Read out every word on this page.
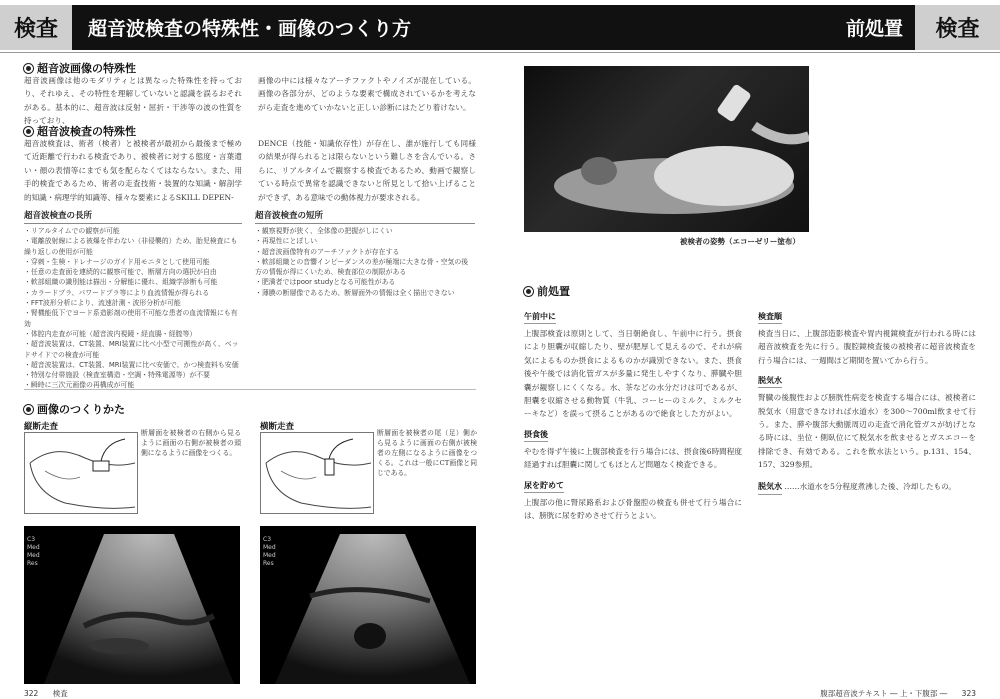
検査 超音波検査の特殊性・画像のつくり方	前処置 検査
超音波画像の特殊性

超音波画像は他のモダリティとは異なった特殊性を持っており、それゆえ、その特性を理解していないと認識を誤るおそれがある。基本的に、超音波は反射・屈折・干渉等の波の性質を持っており、

画像の中には様々なアーチファクトやノイズが混在している。画像の各部分が、どのような要素で構成されているかを考えながら走査を進めていかないと正しい診断にはたどり着けない。

超音波検査の特殊性

超音波検査は、術者（検者）と被検者が最初から最後まで極めて近距離で行われる検査であり、被検者に対する態度・言葉遣い・顔の表情等にまでも気を配らなくてはならない。また、用手的検査であるため、術者の走査技術・装置的な知識・解剖学的知識・病理学的知識等、様々な要素によるSKILL DEPEN-

DENCE（技能・知識依存性）が存在し、誰が施行しても同様の結果が得られるとは限らないという難しさを含んでいる。さらに、リアルタイムで観察する検査であるため、動画で観察している時点で異常を認識できないと所見として拾い上げることができず、ある意味での動体視力が要求される。

超音波検査の長所
・ リアルタイムでの観察が可能
・ 電離放射線による被爆を伴わない（非侵襲的）ため、胎児検査にも繰り返しの使用が可能
・ 穿刺・生検・ドレナージのガイド用モニタとして使用可能
・ 任意の走査面を連続的に観察可能で、断層方向の選択が自由
・ 軟部組織の識別能は描出・分解能に優れ、組織学診断も可能
・ カラードプラ、パワードプラ等により血流情報が得られる
・ FFT波形分析により、流速計測・波形分析が可能
・ 腎機能低下でヨード系造影剤の使用不可能な患者の血流情報にも有効
・ 体腔内走査が可能（超音波内視鏡・経直腸・経膣等）
・ 超音波装置は、CT装置、MRI装置に比べ小型で可搬性が高く、ベッドサイドでの検査が可能
・ 超音波装置は、CT装置、MRI装置に比べ安価で、かつ検査料も安価
・ 特別な付帯施設（検査室構造・空調・特殊電源等）が不要
・ 瞬時に三次元画像の再構成が可能
超音波検査の短所
・ 観察視野が狭く、全体像の把握がしにくい
・ 再現性にとぼしい
・ 超音波画像特有のアーチファクトが存在する
・ 軟部組織との音響インピーダンスの差が極端に大きな骨・空気の後方の情報が得にくいため、検査部位の制限がある
・ 肥満者ではpoor studyとなる可能性がある
・ 薄膜の断層像であるため、断層面外の情報は全く描出できない
画像のつくりかた
縦断走査

断層面を被検者の右側から見るように画面の右側が被検者の頭側になるように画像をつくる。

横断走査

断層面を被検者の尾（足）側から見るように画面の右側が被検者の左側になるように画像をつくる。これは一般にCT画像と同じである。

C3
Med
Med
Res
C3
Med
Med
Res
322 検査
被検者の姿勢（エコーゼリー塗布）
前処置
午前中に

上腹部検査は原則として、当日朝絶食し、午前中に行う。摂食により胆囊が収縮したり、壁が肥厚して見えるので、それが病気によるものか摂食によるものかが識別できない。また、摂食後や午後では消化管ガスが多量に発生しやすくなり、膵臓や胆囊が観察しにくくなる。水、茶などの水分だけは可であるが、胆囊を収縮させる動物質（牛乳、コーヒーのミルク、ミルクセーキなど）を誤って摂ることがあるので絶食とした方がよい。

摂食後

やむを得ず午後に上腹部検査を行う場合には、摂食後6時間程度経過すれば胆囊に関してもほとんど問題なく検査できる。

尿を貯めて

上腹部の他に腎尿路系および骨盤腔の検査も併せて行う場合には、膀胱に尿を貯めさせて行うとよい。

検査順

検査当日に、上腹部造影検査や胃内視鏡検査が行われる時には超音波検査を先に行う。腹腔鏡検査後の被検者に超音波検査を行う場合には、一週間ほど期間を置いてから行う。

脱気水

腎臓の後腹性および膀胱性病変を検査する場合には、被検者に脱気水（用意できなければ水道水）を300〜700ml飲ませて行う。また、膵や腹部大動脈周辺の走査で消化管ガスが妨げとなる時には、坐位・側臥位にて脱気水を飲ませるとガスエコーを排除でき、有効である。これを飲水法という。p.131、154、157、329参照。

脱気水 ……水道水を5分程度煮沸した後、冷却したもの。
腹部超音波テキスト ― 上・下腹部 ― 323
